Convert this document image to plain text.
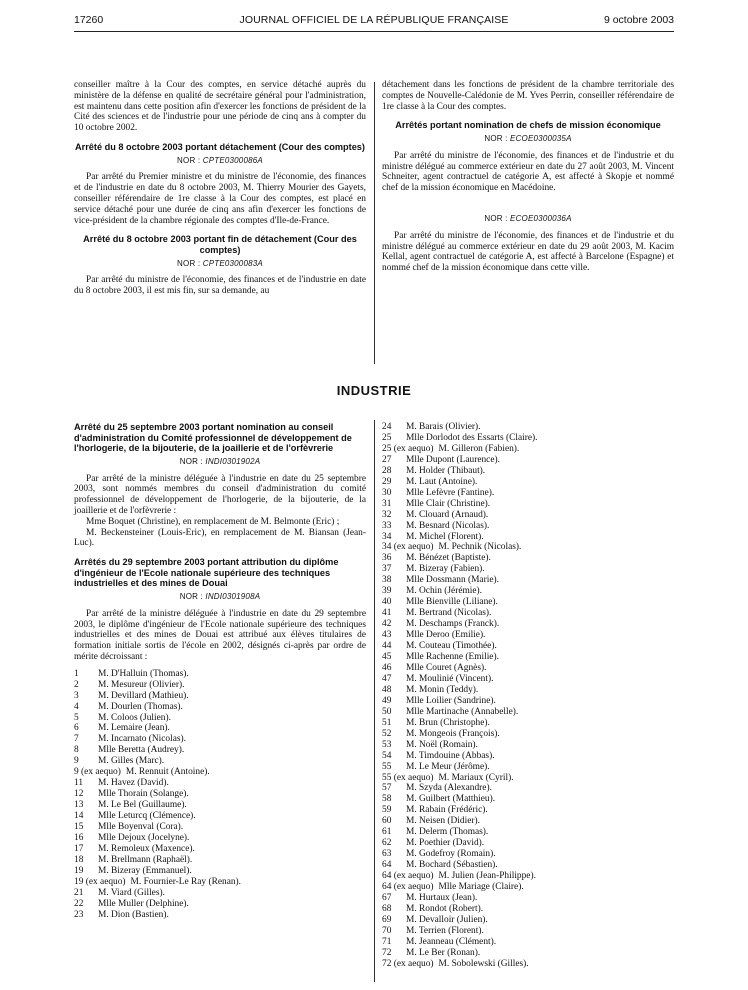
17260	JOURNAL OFFICIEL DE LA RÉPUBLIQUE FRANÇAISE	9 octobre 2003

conseiller maître à la Cour des comptes, en service détaché auprès du ministère de la défense en qualité de secrétaire général pour l'administration, est maintenu dans cette position afin d'exercer les fonctions de président de la Cité des sciences et de l'industrie pour une période de cinq ans à compter du 10 octobre 2002.

Arrêté du 8 octobre 2003 portant détachement (Cour des comptes)

NOR : CPTE0300086A

Par arrêté du Premier ministre et du ministre de l'économie, des finances et de l'industrie en date du 8 octobre 2003, M. Thierry Mourier des Gayets, conseiller référendaire de 1re classe à la Cour des comptes, est placé en service détaché pour une durée de cinq ans afin d'exercer les fonctions de vice-président de la chambre régionale des comptes d'Ile-de-France.

Arrêté du 8 octobre 2003 portant fin de détachement (Cour des comptes)

NOR : CPTE0300083A

Par arrêté du ministre de l'économie, des finances et de l'industrie en date du 8 octobre 2003, il est mis fin, sur sa demande, au

détachement dans les fonctions de président de la chambre territoriale des comptes de Nouvelle-Calédonie de M. Yves Perrin, conseiller référendaire de 1re classe à la Cour des comptes.

Arrêtés portant nomination de chefs de mission économique

NOR : ECOE0300035A

Par arrêté du ministre de l'économie, des finances et de l'industrie et du ministre délégué au commerce extérieur en date du 27 août 2003, M. Vincent Schneiter, agent contractuel de catégorie A, est affecté à Skopje et nommé chef de la mission économique en Macédoine.

NOR : ECOE0300036A

Par arrêté du ministre de l'économie, des finances et de l'industrie et du ministre délégué au commerce extérieur en date du 29 août 2003, M. Kacim Kellal, agent contractuel de catégorie A, est affecté à Barcelone (Espagne) et nommé chef de la mission économique dans cette ville.

INDUSTRIE

Arrêté du 25 septembre 2003 portant nomination au conseil d'administration du Comité professionnel de développement de l'horlogerie, de la bijouterie, de la joaillerie et de l'orfèvrerie

NOR : INDI0301902A

Par arrêté de la ministre déléguée à l'industrie en date du 25 septembre 2003, sont nommés membres du conseil d'administration du comité professionnel de développement de l'horlogerie, de la bijouterie, de la joaillerie et de l'orfèvrerie :

Mme Boquet (Christine), en remplacement de M. Belmonte (Eric) ;

M. Beckensteiner (Louis-Eric), en remplacement de M. Biansan (Jean-Luc).

Arrêtés du 29 septembre 2003 portant attribution du diplôme d'ingénieur de l'Ecole nationale supérieure des techniques industrielles et des mines de Douai

NOR : INDI0301908A

Par arrêté de la ministre déléguée à l'industrie en date du 29 septembre 2003, le diplôme d'ingénieur de l'Ecole nationale supérieure des techniques industrielles et des mines de Douai est attribué aux élèves titulaires de formation initiale sortis de l'école en 2002, désignés ci-après par ordre de mérite décroissant :

1	M. D'Halluin (Thomas).
2	M. Mesureur (Olivier).
3	M. Devillard (Mathieu).
4	M. Dourlen (Thomas).
5	M. Coloos (Julien).
6	M. Lemaire (Jean).
7	M. Incarnato (Nicolas).
8	Mlle Beretta (Audrey).
9	M. Gilles (Marc).
9 (ex aequo) M. Rennuit (Antoine).
11	M. Havez (David).
12	Mlle Thorain (Solange).
13	M. Le Bel (Guillaume).
14	Mlle Leturcq (Clémence).
15	Mlle Boyenval (Cora).
16	Mlle Dejoux (Jocelyne).
17	M. Remoleux (Maxence).
18	M. Brellmann (Raphaël).
19	M. Bizeray (Emmanuel).
19 (ex aequo) M. Fournier-Le Ray (Renan).
21	M. Viard (Gilles).
22	Mlle Muller (Delphine).
23	M. Dion (Bastien).
24	M. Barais (Olivier).
25	Mlle Dorlodot des Essarts (Claire).
25 (ex aequo) M. Gilleron (Fabien).
27	Mlle Dupont (Laurence).
28	M. Holder (Thibaut).
29	M. Laut (Antoine).
30	Mlle Lefèvre (Fantine).
31	Mlle Clair (Christine).
32	M. Clouard (Arnaud).
33	M. Besnard (Nicolas).
34	M. Michel (Florent).
34 (ex aequo) M. Pechnik (Nicolas).
36	M. Bénézet (Baptiste).
37	M. Bizeray (Fabien).
38	Mlle Dossmann (Marie).
39	M. Ochin (Jérémie).
40	Mlle Bienville (Liliane).
41	M. Bertrand (Nicolas).
42	M. Deschamps (Franck).
43	Mlle Deroo (Emilie).
44	M. Couteau (Timothée).
45	Mlle Rachenne (Emilie).
46	Mlle Couret (Agnès).
47	M. Moulinié (Vincent).
48	M. Monin (Teddy).
49	Mlle Loilier (Sandrine).
50	Mlle Martinache (Annabelle).
51	M. Brun (Christophe).
52	M. Mongeois (François).
53	M. Noël (Romain).
54	M. Timdouine (Abbas).
55	M. Le Meur (Jérôme).
55 (ex aequo) M. Mariaux (Cyril).
57	M. Szyda (Alexandre).
58	M. Guilbert (Matthieu).
59	M. Rabain (Frédéric).
60	M. Neisen (Didier).
61	M. Delerm (Thomas).
62	M. Poethier (David).
63	M. Godefroy (Romain).
64	M. Bochard (Sébastien).
64 (ex aequo) M. Julien (Jean-Philippe).
64 (ex aequo) Mlle Mariage (Claire).
67	M. Hurtaux (Jean).
68	M. Rondot (Robert).
69	M. Devalloir (Julien).
70	M. Terrien (Florent).
71	M. Jeanneau (Clément).
72	M. Le Ber (Ronan).
72 (ex aequo) M. Sobolewski (Gilles).
